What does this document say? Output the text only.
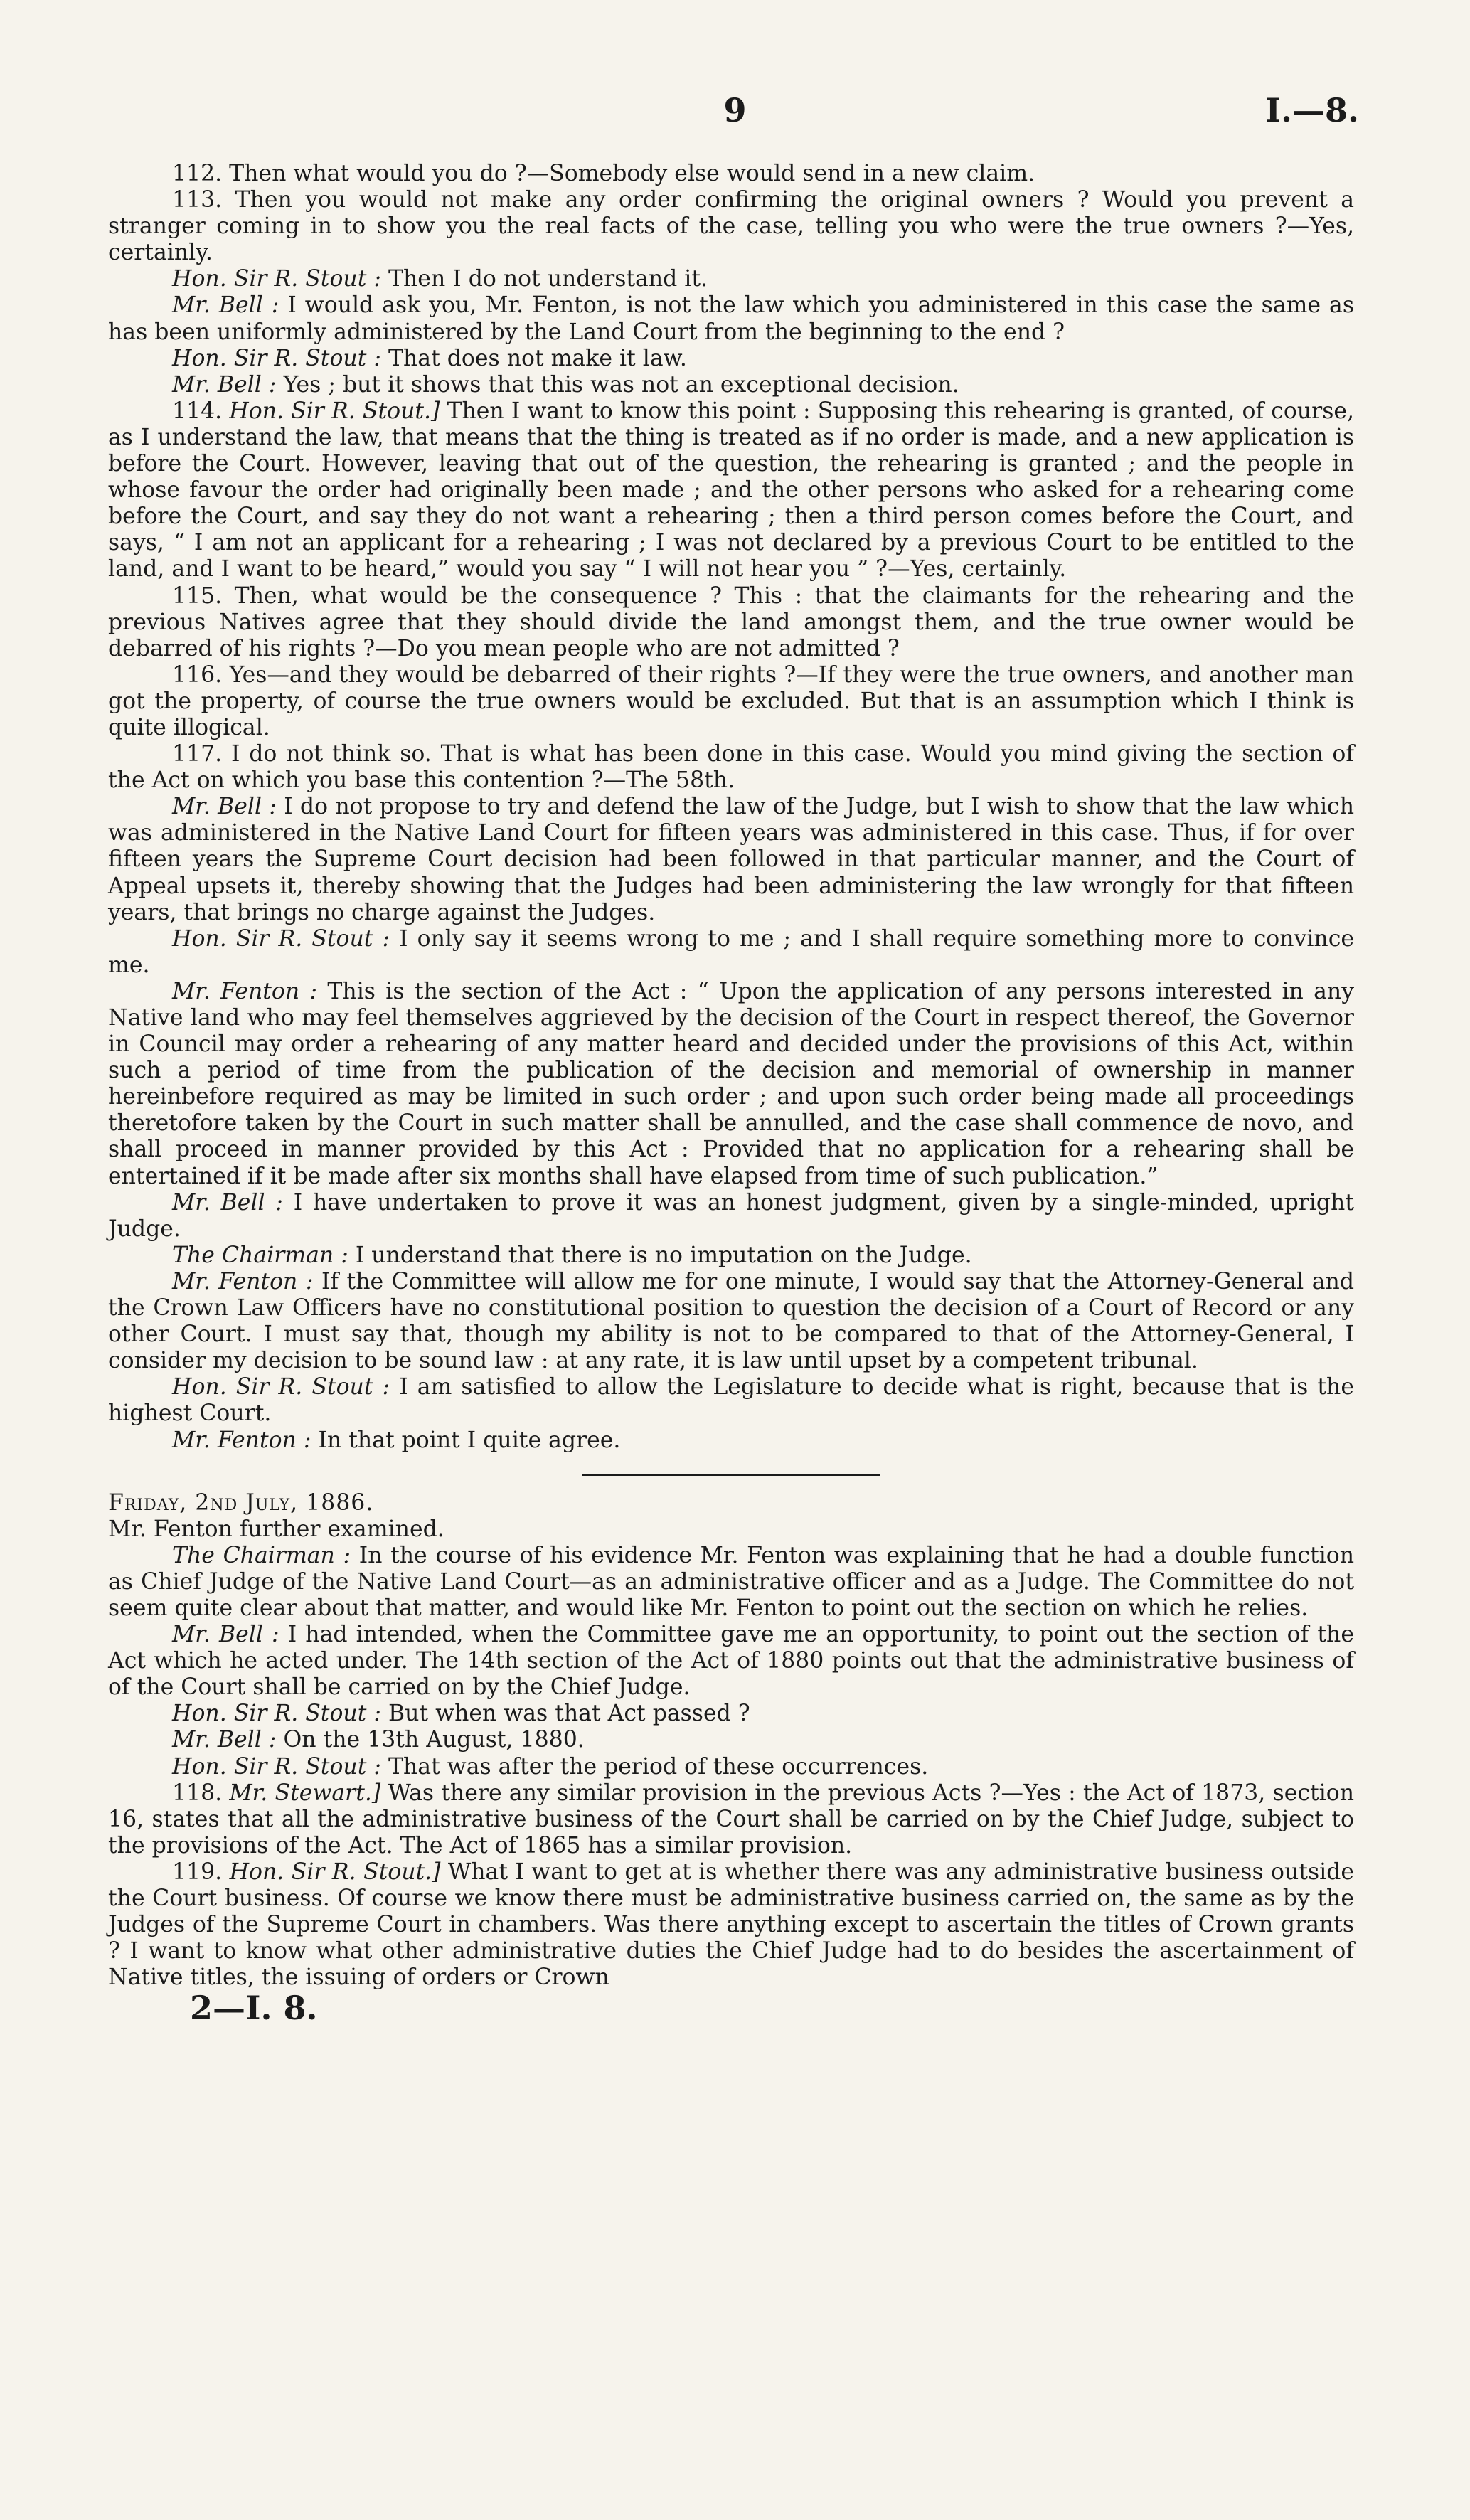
9	I.—8.

112. Then what would you do ?—Somebody else would send in a new claim.

113. Then you would not make any order confirming the original owners ? Would you prevent a stranger coming in to show you the real facts of the case, telling you who were the true owners ?—Yes, certainly.

Hon. Sir R. Stout : Then I do not understand it.

Mr. Bell : I would ask you, Mr. Fenton, is not the law which you administered in this case the same as has been uniformly administered by the Land Court from the beginning to the end ?

Hon. Sir R. Stout : That does not make it law.

Mr. Bell : Yes ; but it shows that this was not an exceptional decision.

114. Hon. Sir R. Stout.] Then I want to know this point : Supposing this rehearing is granted, of course, as I understand the law, that means that the thing is treated as if no order is made, and a new application is before the Court. However, leaving that out of the question, the rehearing is granted ; and the people in whose favour the order had originally been made ; and the other persons who asked for a rehearing come before the Court, and say they do not want a rehearing ; then a third person comes before the Court, and says, “ I am not an applicant for a rehearing ; I was not declared by a previous Court to be entitled to the land, and I want to be heard,” would you say “ I will not hear you ” ?—Yes, certainly.

115. Then, what would be the consequence ? This : that the claimants for the rehearing and the previous Natives agree that they should divide the land amongst them, and the true owner would be debarred of his rights ?—Do you mean people who are not admitted ?

116. Yes—and they would be debarred of their rights ?—If they were the true owners, and another man got the property, of course the true owners would be excluded. But that is an assumption which I think is quite illogical.

117. I do not think so. That is what has been done in this case. Would you mind giving the section of the Act on which you base this contention ?—The 58th.

Mr. Bell : I do not propose to try and defend the law of the Judge, but I wish to show that the law which was administered in the Native Land Court for fifteen years was administered in this case. Thus, if for over fifteen years the Supreme Court decision had been followed in that particular manner, and the Court of Appeal upsets it, thereby showing that the Judges had been administering the law wrongly for that fifteen years, that brings no charge against the Judges.

Hon. Sir R. Stout : I only say it seems wrong to me ; and I shall require something more to convince me.

Mr. Fenton : This is the section of the Act : “ Upon the application of any persons interested in any Native land who may feel themselves aggrieved by the decision of the Court in respect thereof, the Governor in Council may order a rehearing of any matter heard and decided under the provisions of this Act, within such a period of time from the publication of the decision and memorial of ownership in manner hereinbefore required as may be limited in such order ; and upon such order being made all proceedings theretofore taken by the Court in such matter shall be annulled, and the case shall commence de novo, and shall proceed in manner provided by this Act : Provided that no application for a rehearing shall be entertained if it be made after six months shall have elapsed from time of such publication.”

Mr. Bell : I have undertaken to prove it was an honest judgment, given by a single-minded, upright Judge.

The Chairman : I understand that there is no imputation on the Judge.

Mr. Fenton : If the Committee will allow me for one minute, I would say that the Attorney-General and the Crown Law Officers have no constitutional position to question the decision of a Court of Record or any other Court. I must say that, though my ability is not to be compared to that of the Attorney-General, I consider my decision to be sound law : at any rate, it is law until upset by a competent tribunal.

Hon. Sir R. Stout : I am satisfied to allow the Legislature to decide what is right, because that is the highest Court.

Mr. Fenton : In that point I quite agree.

Friday, 2nd July, 1886.

Mr. Fenton further examined.

The Chairman : In the course of his evidence Mr. Fenton was explaining that he had a double function as Chief Judge of the Native Land Court—as an administrative officer and as a Judge. The Committee do not seem quite clear about that matter, and would like Mr. Fenton to point out the section on which he relies.

Mr. Bell : I had intended, when the Committee gave me an opportunity, to point out the section of the Act which he acted under. The 14th section of the Act of 1880 points out that the administrative business of of the Court shall be carried on by the Chief Judge.

Hon. Sir R. Stout : But when was that Act passed ?

Mr. Bell : On the 13th August, 1880.

Hon. Sir R. Stout : That was after the period of these occurrences.

118. Mr. Stewart.] Was there any similar provision in the previous Acts ?—Yes : the Act of 1873, section 16, states that all the administrative business of the Court shall be carried on by the Chief Judge, subject to the provisions of the Act. The Act of 1865 has a similar provision.

119. Hon. Sir R. Stout.] What I want to get at is whether there was any administrative business outside the Court business. Of course we know there must be administrative business carried on, the same as by the Judges of the Supreme Court in chambers. Was there anything except to ascertain the titles of Crown grants ? I want to know what other administrative duties the Chief Judge had to do besides the ascertainment of Native titles, the issuing of orders or Crown

2—I. 8.
